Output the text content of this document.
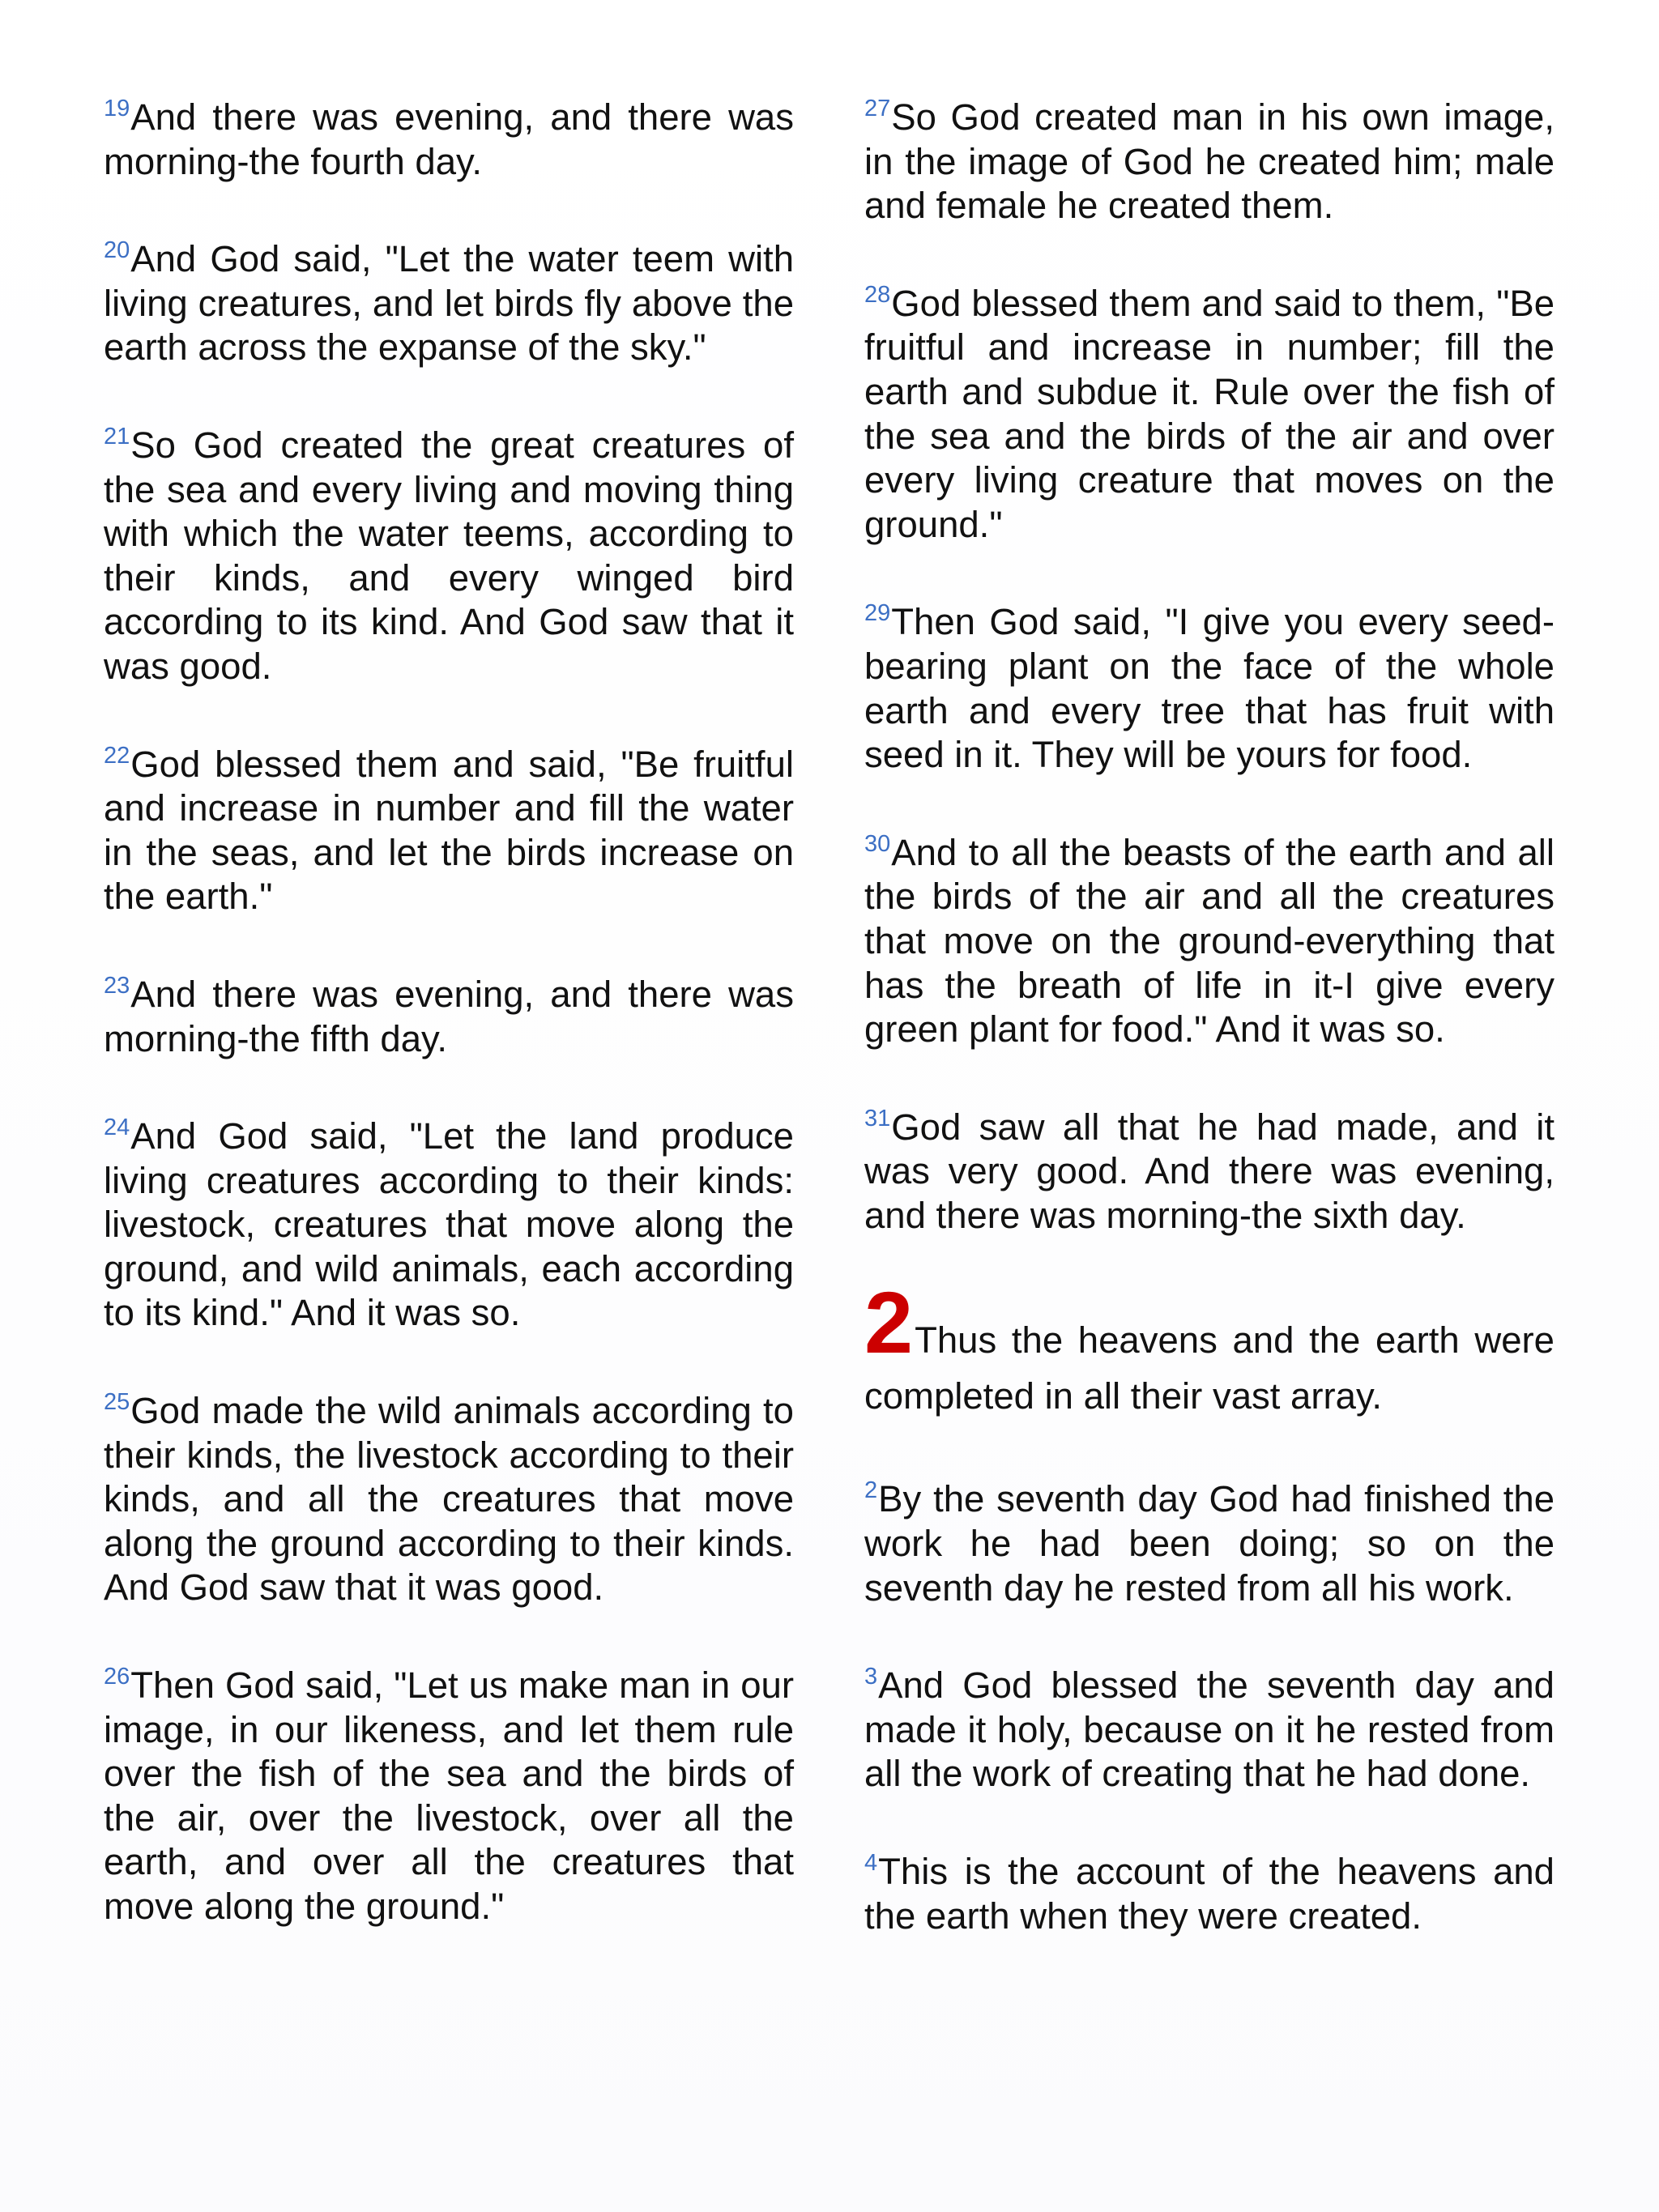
$^{19}$And there was evening, and there was morning-the fourth day.

$^{20}$And God said, "Let the water teem with living creatures, and let birds fly above the earth across the expanse of the sky."

$^{21}$So God created the great creatures of the sea and every living and moving thing with which the water teems, according to their kinds, and every winged bird according to its kind. And God saw that it was good.

$^{22}$God blessed them and said, "Be fruitful and increase in number and fill the water in the seas, and let the birds increase on the earth."

$^{23}$And there was evening, and there was morning-the fifth day.

$^{24}$And God said, "Let the land produce living creatures according to their kinds: livestock, creatures that move along the ground, and wild animals, each according to its kind." And it was so.

$^{25}$God made the wild animals according to their kinds, the livestock according to their kinds, and all the creatures that move along the ground according to their kinds. And God saw that it was good.

$^{26}$Then God said, "Let us make man in our image, in our likeness, and let them rule over the fish of the sea and the birds of the air, over the livestock, over all the earth, and over all the creatures that move along the ground."

$^{27}$So God created man in his own image, in the image of God he created him; male and female he created them.

$^{28}$God blessed them and said to them, "Be fruitful and increase in number; fill the earth and subdue it. Rule over the fish of the sea and the birds of the air and over every living creature that moves on the ground."

$^{29}$Then God said, "I give you every seed-bearing plant on the face of the whole earth and every tree that has fruit with seed in it. They will be yours for food.

$^{30}$And to all the beasts of the earth and all the birds of the air and all the creatures that move on the ground-everything that has the breath of life in it-I give every green plant for food." And it was so.

$^{31}$God saw all that he had made, and it was very good. And there was evening, and there was morning-the sixth day.

2Thus the heavens and the earth were completed in all their vast array.

$^2$By the seventh day God had finished the work he had been doing; so on the seventh day he rested from all his work.

$^3$And God blessed the seventh day and made it holy, because on it he rested from all the work of creating that he had done.

$^4$This is the account of the heavens and the earth when they were created.
